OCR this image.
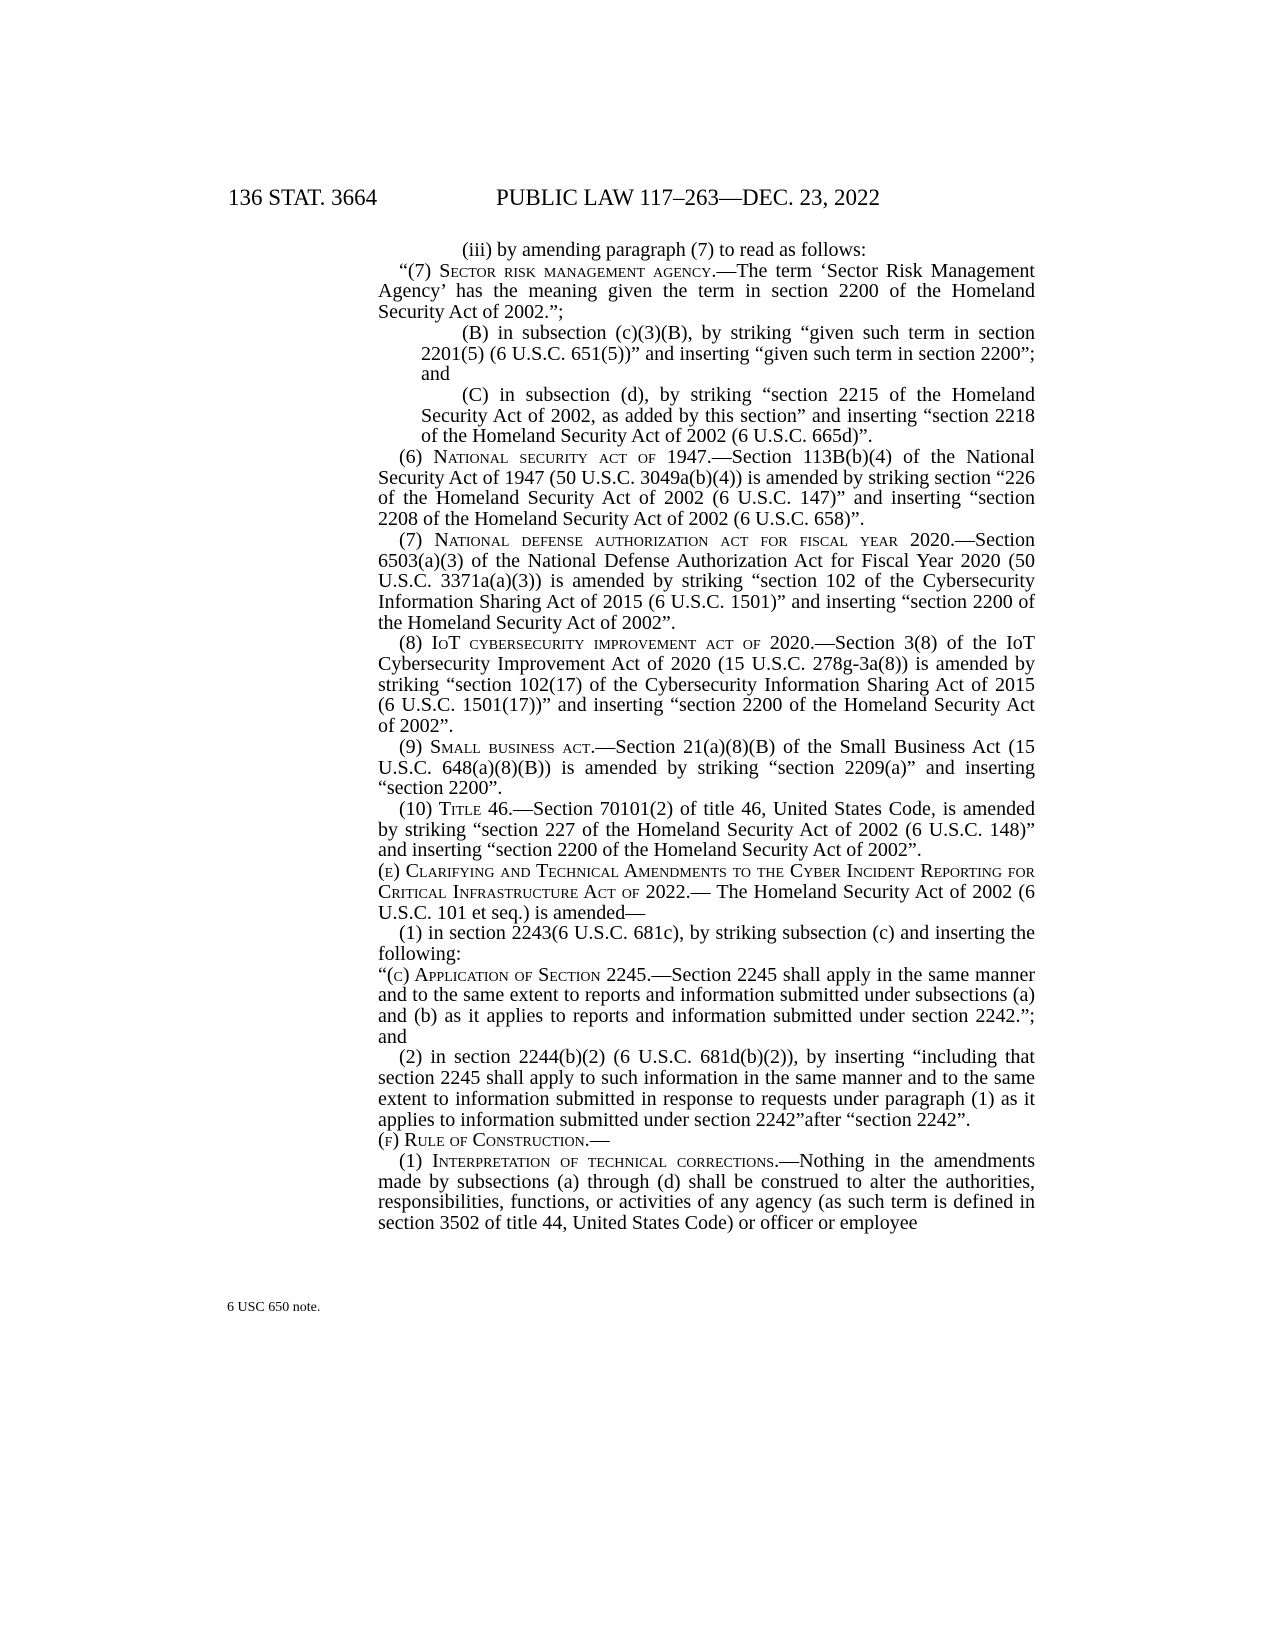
136 STAT. 3664	PUBLIC LAW 117–263—DEC. 23, 2022
6 USC 650 note.

(iii) by amending paragraph (7) to read as follows:

“(7) Sector risk management agency.—The term ‘Sector Risk Management Agency’ has the meaning given the term in section 2200 of the Homeland Security Act of 2002.”;

(B) in subsection (c)(3)(B), by striking “given such term in section 2201(5) (6 U.S.C. 651(5))” and inserting “given such term in section 2200”; and

(C) in subsection (d), by striking “section 2215 of the Homeland Security Act of 2002, as added by this section” and inserting “section 2218 of the Homeland Security Act of 2002 (6 U.S.C. 665d)”.

(6) National security act of 1947.—Section 113B(b)(4) of the National Security Act of 1947 (50 U.S.C. 3049a(b)(4)) is amended by striking section “226 of the Homeland Security Act of 2002 (6 U.S.C. 147)” and inserting “section 2208 of the Homeland Security Act of 2002 (6 U.S.C. 658)”.

(7) National defense authorization act for fiscal year 2020.—Section 6503(a)(3) of the National Defense Authorization Act for Fiscal Year 2020 (50 U.S.C. 3371a(a)(3)) is amended by striking “section 102 of the Cybersecurity Information Sharing Act of 2015 (6 U.S.C. 1501)” and inserting “section 2200 of the Homeland Security Act of 2002”.

(8) IoT cybersecurity improvement act of 2020.—Section 3(8) of the IoT Cybersecurity Improvement Act of 2020 (15 U.S.C. 278g-3a(8)) is amended by striking “section 102(17) of the Cybersecurity Information Sharing Act of 2015 (6 U.S.C. 1501(17))” and inserting “section 2200 of the Homeland Security Act of 2002”.

(9) Small business act.—Section 21(a)(8)(B) of the Small Business Act (15 U.S.C. 648(a)(8)(B)) is amended by striking “section 2209(a)” and inserting “section 2200”.

(10) Title 46.—Section 70101(2) of title 46, United States Code, is amended by striking “section 227 of the Homeland Security Act of 2002 (6 U.S.C. 148)” and inserting “section 2200 of the Homeland Security Act of 2002”.

(e) Clarifying and Technical Amendments to the Cyber Incident Reporting for Critical Infrastructure Act of 2022.— The Homeland Security Act of 2002 (6 U.S.C. 101 et seq.) is amended—

(1) in section 2243(6 U.S.C. 681c), by striking subsection (c) and inserting the following:

“(c) Application of Section 2245.—Section 2245 shall apply in the same manner and to the same extent to reports and information submitted under subsections (a) and (b) as it applies to reports and information submitted under section 2242.”; and

(2) in section 2244(b)(2) (6 U.S.C. 681d(b)(2)), by inserting “including that section 2245 shall apply to such information in the same manner and to the same extent to information submitted in response to requests under paragraph (1) as it applies to information submitted under section 2242”after “section 2242”.

(f) Rule of Construction.—

(1) Interpretation of technical corrections.—Nothing in the amendments made by subsections (a) through (d) shall be construed to alter the authorities, responsibilities, functions, or activities of any agency (as such term is defined in section 3502 of title 44, United States Code) or officer or employee
